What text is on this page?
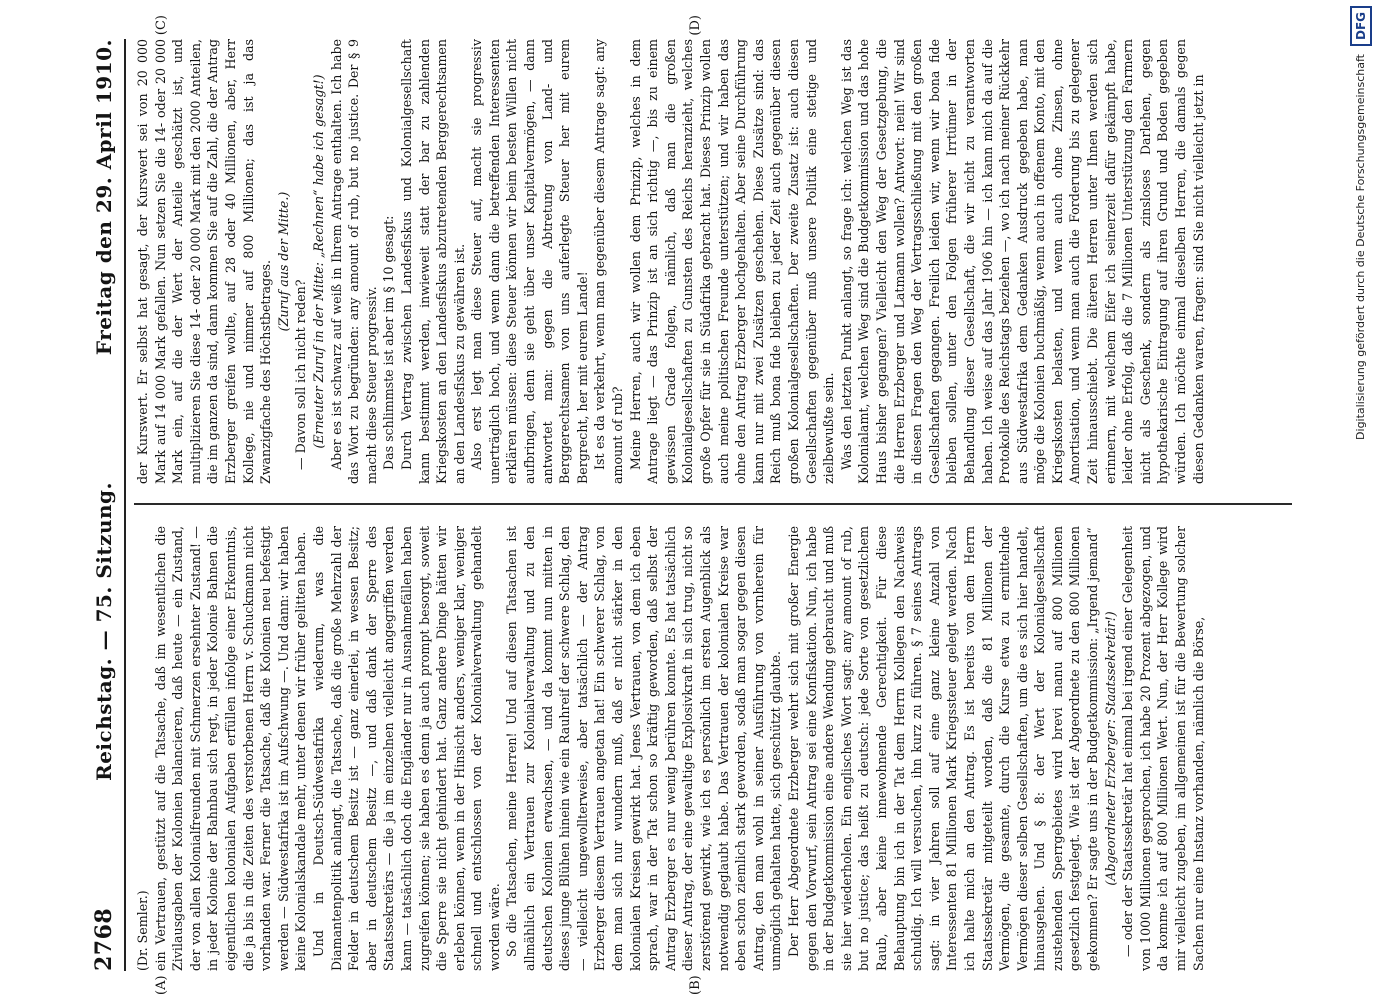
2768
Reichstag. — 75. Sitzung.
Freitag den 29. April 1910.

(Dr. Semler.) ein Vertrauen, gestützt auf die Tatsache, daß im wesentlichen die Zivilausgaben der Kolonien balancieren, daß heute — ein Zustand, der von allen Kolonialfreunden mit Schmerzen ersehnter Zustand! — in jeder Kolonie der Bahnbau sich regt, in jeder Kolonie Bahnen die eigentlichen kolonialen Aufgaben erfüllen infolge einer Erkenntnis, die ja bis in die Zeiten des verstorbenen Herrn v. Schuckmann nicht vorhanden war. Ferner die Tatsache, daß die Kolonien neu befestigt werden — Südwestafrika ist im Aufschwung —. Und dann: wir haben keine Kolonialskandale mehr, unter denen wir früher gelitten haben. Und in Deutsch-Südwestafrika wiederum, was die Diamantenpolitik anlangt, die Tatsache, daß die große Mehrzahl der Felder in deutschem Besitz ist — ganz einerlei, in wessen Besitz; aber in deutschem Besitz —, und daß dank der Sperre des Staatssekretärs — die ja im einzelnen vielleicht angegriffen werden kann — tatsächlich doch die Engländer nur in Ausnahmefällen haben zugreifen können; sie haben es denn ja auch prompt besorgt, soweit die Sperre sie nicht gehindert hat. Ganz andere Dinge hätten wir erleben können, wenn in der Hinsicht anders, weniger klar, weniger schnell und entschlossen von der Kolonialverwaltung gehandelt worden wäre. So die Tatsachen, meine Herren! Und auf diesen Tatsachen ist allmählich ein Vertrauen zur Kolonialverwaltung und zu den deutschen Kolonien erwachsen, — und da kommt nun mitten in dieses junge Blühen hinein wie ein Rauhreif der schwere Schlag, den — vielleicht ungewollterweise, aber tatsächlich — der Antrag Erzberger diesem Vertrauen angetan hat! Ein schwerer Schlag, von dem man sich nur wundern muß, daß er nicht stärker in den kolonialen Kreisen gewirkt hat. Jenes Vertrauen, von dem ich eben sprach, war in der Tat schon so kräftig geworden, daß selbst der Antrag Erzberger es nur wenig berühren konnte. Es hat tatsächlich dieser Antrag, der eine gewaltige Explosivkraft in sich trug, nicht so zerstörend gewirkt, wie ich es persönlich im ersten Augenblick als notwendig geglaubt habe. Das Vertrauen der kolonialen Kreise war eben schon ziemlich stark geworden, sodaß man sogar gegen diesen Antrag, den man wohl in seiner Ausführung von vornherein für unmöglich gehalten hatte, sich geschützt glaubte. Der Herr Abgeordnete Erzberger wehrt sich mit großer Energie gegen den Vorwurf, sein Antrag sei eine Konfiskation. Nun, ich habe in der Budgetkommission eine andere Wendung gebraucht und muß sie hier wiederholen. Ein englisches Wort sagt: any amount of rub, but no justice; das heißt zu deutsch: jede Sorte von gesetzlichem Raub, aber keine innewohnende Gerechtigkeit. Für diese Behauptung bin ich in der Tat dem Herrn Kollegen den Nachweis schuldig. Ich will versuchen, ihn kurz zu führen. § 7 seines Antrags sagt: in vier Jahren soll auf eine ganz kleine Anzahl von Interessenten 81 Millionen Mark Kriegssteuer gelegt werden. Nach ich halte mich an den Antrag. Es ist bereits von dem Herrn Staatssekretär mitgeteilt worden, daß die 81 Millionen der Vermögen, die gesamte, durch die Kurse etwa zu ermittelnde Vermögen dieser selben Gesellschaften, um die es sich hier handelt, hinausgehen. Und § 8: der Wert der Kolonialgesellschaft zustehenden Sperrgebietes wird brevi manu auf 800 Millionen gesetzlich festgelegt. Wie ist der Abgeordnete zu den 800 Millionen gekommen? Er sagte uns in der Budgetkommission: „Irgend jemand“ (Abgeordneter Erzberger: Staatssekretär!) — oder der Staatssekretär hat einmal bei irgend einer Gelegenheit von 1000 Millionen gesprochen, ich habe 20 Prozent abgezogen, und da komme ich auf 800 Millionen Wert. Nun, der Herr Kollege wird mir vielleicht zugeben, im allgemeinen ist für die Bewertung solcher Sachen nur eine Instanz vorhanden, nämlich die Börse,

der Kurswert. Er selbst hat gesagt, der Kurswert sei von 20 000 Mark auf 14 000 Mark gefallen. Nun setzen Sie die 14- oder 20 000 Mark ein, auf die der Wert der Anteile geschätzt ist, und multiplizieren Sie diese 14- oder 20 000 Mark mit den 2000 Anteilen, die im ganzen da sind, dann kommen Sie auf die Zahl, die der Antrag Erzberger greifen wollte, auf 28 oder 40 Millionen, aber, Herr Kollege, nie und nimmer auf 800 Millionen; das ist ja das Zwanzigfache des Höchstbetrages. (Zuruf aus der Mitte.)

— Davon soll ich nicht reden? (Erneuter Zuruf in der Mitte: „Rechnen“ habe ich gesagt!) Aber es ist schwarz auf weiß in Ihrem Antrage enthalten. Ich habe das Wort zu begründen: any amount of rub, but no justice. Der § 9 macht diese Steuer progressiv. Das schlimmste ist aber im § 10 gesagt: Durch Vertrag zwischen Landesfiskus und Kolonialgesellschaft kann bestimmt werden, inwieweit statt der bar zu zahlenden Kriegskosten an den Landesfiskus abzutretenden Berggerechtsamen an den Landesfiskus zu gewähren ist. Also erst legt man diese Steuer auf, macht sie progressiv unerträglich hoch, und wenn dann die betreffenden Interessenten erklären müssen: diese Steuer können wir beim besten Willen nicht aufbringen, denn sie geht über unser Kapitalvermögen, — dann antwortet man: gegen die Abtretung von Land- und Berggerechtsamen von uns auferlegte Steuer her mit eurem Bergrecht, her mit eurem Lande! Ist es da verkehrt, wenn man gegenüber diesem Antrage sagt: any amount of rub? Meine Herren, auch wir wollen dem Prinzip, welches in dem Antrage liegt — das Prinzip ist an sich richtig —, bis zu einem gewissen Grade folgen, nämlich, daß man die großen Kolonialgesellschaften zu Gunsten des Reichs heranzieht, welches große Opfer für sie in Südafrika gebracht hat. Dieses Prinzip wollen auch meine politischen Freunde unterstützen; und wir haben das ohne den Antrag Erzberger hochgehalten. Aber seine Durchführung kann nur mit zwei Zusätzen geschehen. Diese Zusätze sind: das Reich muß bona fide bleiben zu jeder Zeit auch gegenüber diesen großen Kolonialgesellschaften. Der zweite Zusatz ist: auch diesen Gesellschaften gegenüber muß unsere Politik eine stetige und zielbewußte sein. Was den letzten Punkt anlangt, so frage ich: welchen Weg ist das Kolonialamt, welchen Weg sind die Budgetkommission und das hohe Haus bisher gegangen? Vielleicht den Weg der Gesetzgebung, die die Herren Erzberger und Latmann wollen? Antwort: nein! Wir sind in diesen Fragen den Weg der Vertragsschließung mit den großen Gesellschaften gegangen. Freilich leiden wir, wenn wir bona fide bleiben sollen, unter den Folgen früherer Irrtümer in der Behandlung dieser Gesellschaft, die wir nicht zu verantworten haben. Ich weise auf das Jahr 1906 hin — ich kann mich da auf die Protokolle des Reichstags beziehen —, wo ich nach meiner Rückkehr aus Südwestafrika dem Gedanken Ausdruck gegeben habe, man möge die Kolonien buchmäßig, wenn auch in offenem Konto, mit den Kriegskosten belasten, und wenn auch ohne Zinsen, ohne Amortisation, und wenn man auch die Forderung bis zu gelegener Zeit hinausschiebt. Die älteren Herren unter Ihnen werden sich erinnern, mit welchem Eifer ich seinerzeit dafür gekämpft habe, leider ohne Erfolg, daß die 7 Millionen Unterstützung den Farmern nicht als Geschenk, sondern als zinsloses Darlehen, gegen hypothekarische Eintragung auf ihren Grund und Boden gegeben würden. Ich möchte einmal dieselben Herren, die damals gegen diesen Gedanken waren, fragen: sind Sie nicht vielleicht jetzt in

(A)	(B)
(C)	(D)
Digitalisierung gefördert durch die Deutsche Forschungsgemeinschaft
DFG
